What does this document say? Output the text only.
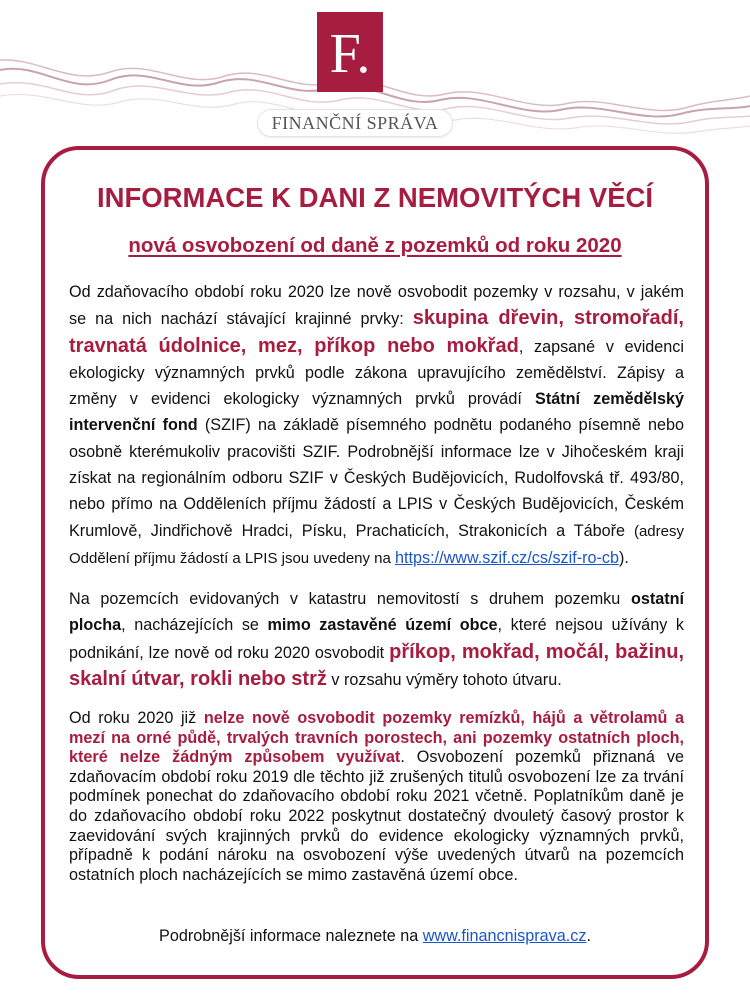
F.
FINANČNÍ SPRÁVA
INFORMACE K DANI Z NEMOVITÝCH VĚCÍ
nová osvobození od daně z pozemků od roku 2020

Od zdaňovacího období roku 2020 lze nově osvobodit pozemky v rozsahu, v jakém se na nich nachází stávající krajinné prvky: skupina dřevin, stromořadí, travnatá údolnice, mez, příkop nebo mokřad, zapsané v evidenci ekologicky významných prvků podle zákona upravujícího zemědělství. Zápisy a změny v evidenci ekologicky významných prvků provádí Státní zemědělský intervenční fond (SZIF) na základě písemného podnětu podaného písemně nebo osobně kterémukoliv pracovišti SZIF. Podrobnější informace lze v Jihočeském kraji získat na regionálním odboru SZIF v Českých Budějovicích, Rudolfovská tř. 493/80, nebo přímo na Odděleních příjmu žádostí a LPIS v Českých Budějovicích, Českém Krumlově, Jindřichově Hradci, Písku, Prachaticích, Strakonicích a Táboře (adresy Oddělení příjmu žádostí a LPIS jsou uvedeny na https://www.szif.cz/cs/szif-ro-cb).

Na pozemcích evidovaných v katastru nemovitostí s druhem pozemku ostatní plocha, nacházejících se mimo zastavěné území obce, které nejsou užívány k podnikání, lze nově od roku 2020 osvobodit příkop, mokřad, močál, bažinu, skalní útvar, rokli nebo strž v rozsahu výměry tohoto útvaru.

Od roku 2020 již nelze nově osvobodit pozemky remízků, hájů a větrolamů a mezí na orné půdě, trvalých travních porostech, ani pozemky ostatních ploch, které nelze žádným způsobem využívat. Osvobození pozemků přiznaná ve zdaňovacím období roku 2019 dle těchto již zrušených titulů osvobození lze za trvání podmínek ponechat do zdaňovacího období roku 2021 včetně. Poplatníkům daně je do zdaňovacího období roku 2022 poskytnut dostatečný dvouletý časový prostor k zaevidování svých krajinných prvků do evidence ekologicky významných prvků, případně k podání nároku na osvobození výše uvedených útvarů na pozemcích ostatních ploch nacházejících se mimo zastavěná území obce.

Podrobnější informace naleznete na www.financnisprava.cz.
